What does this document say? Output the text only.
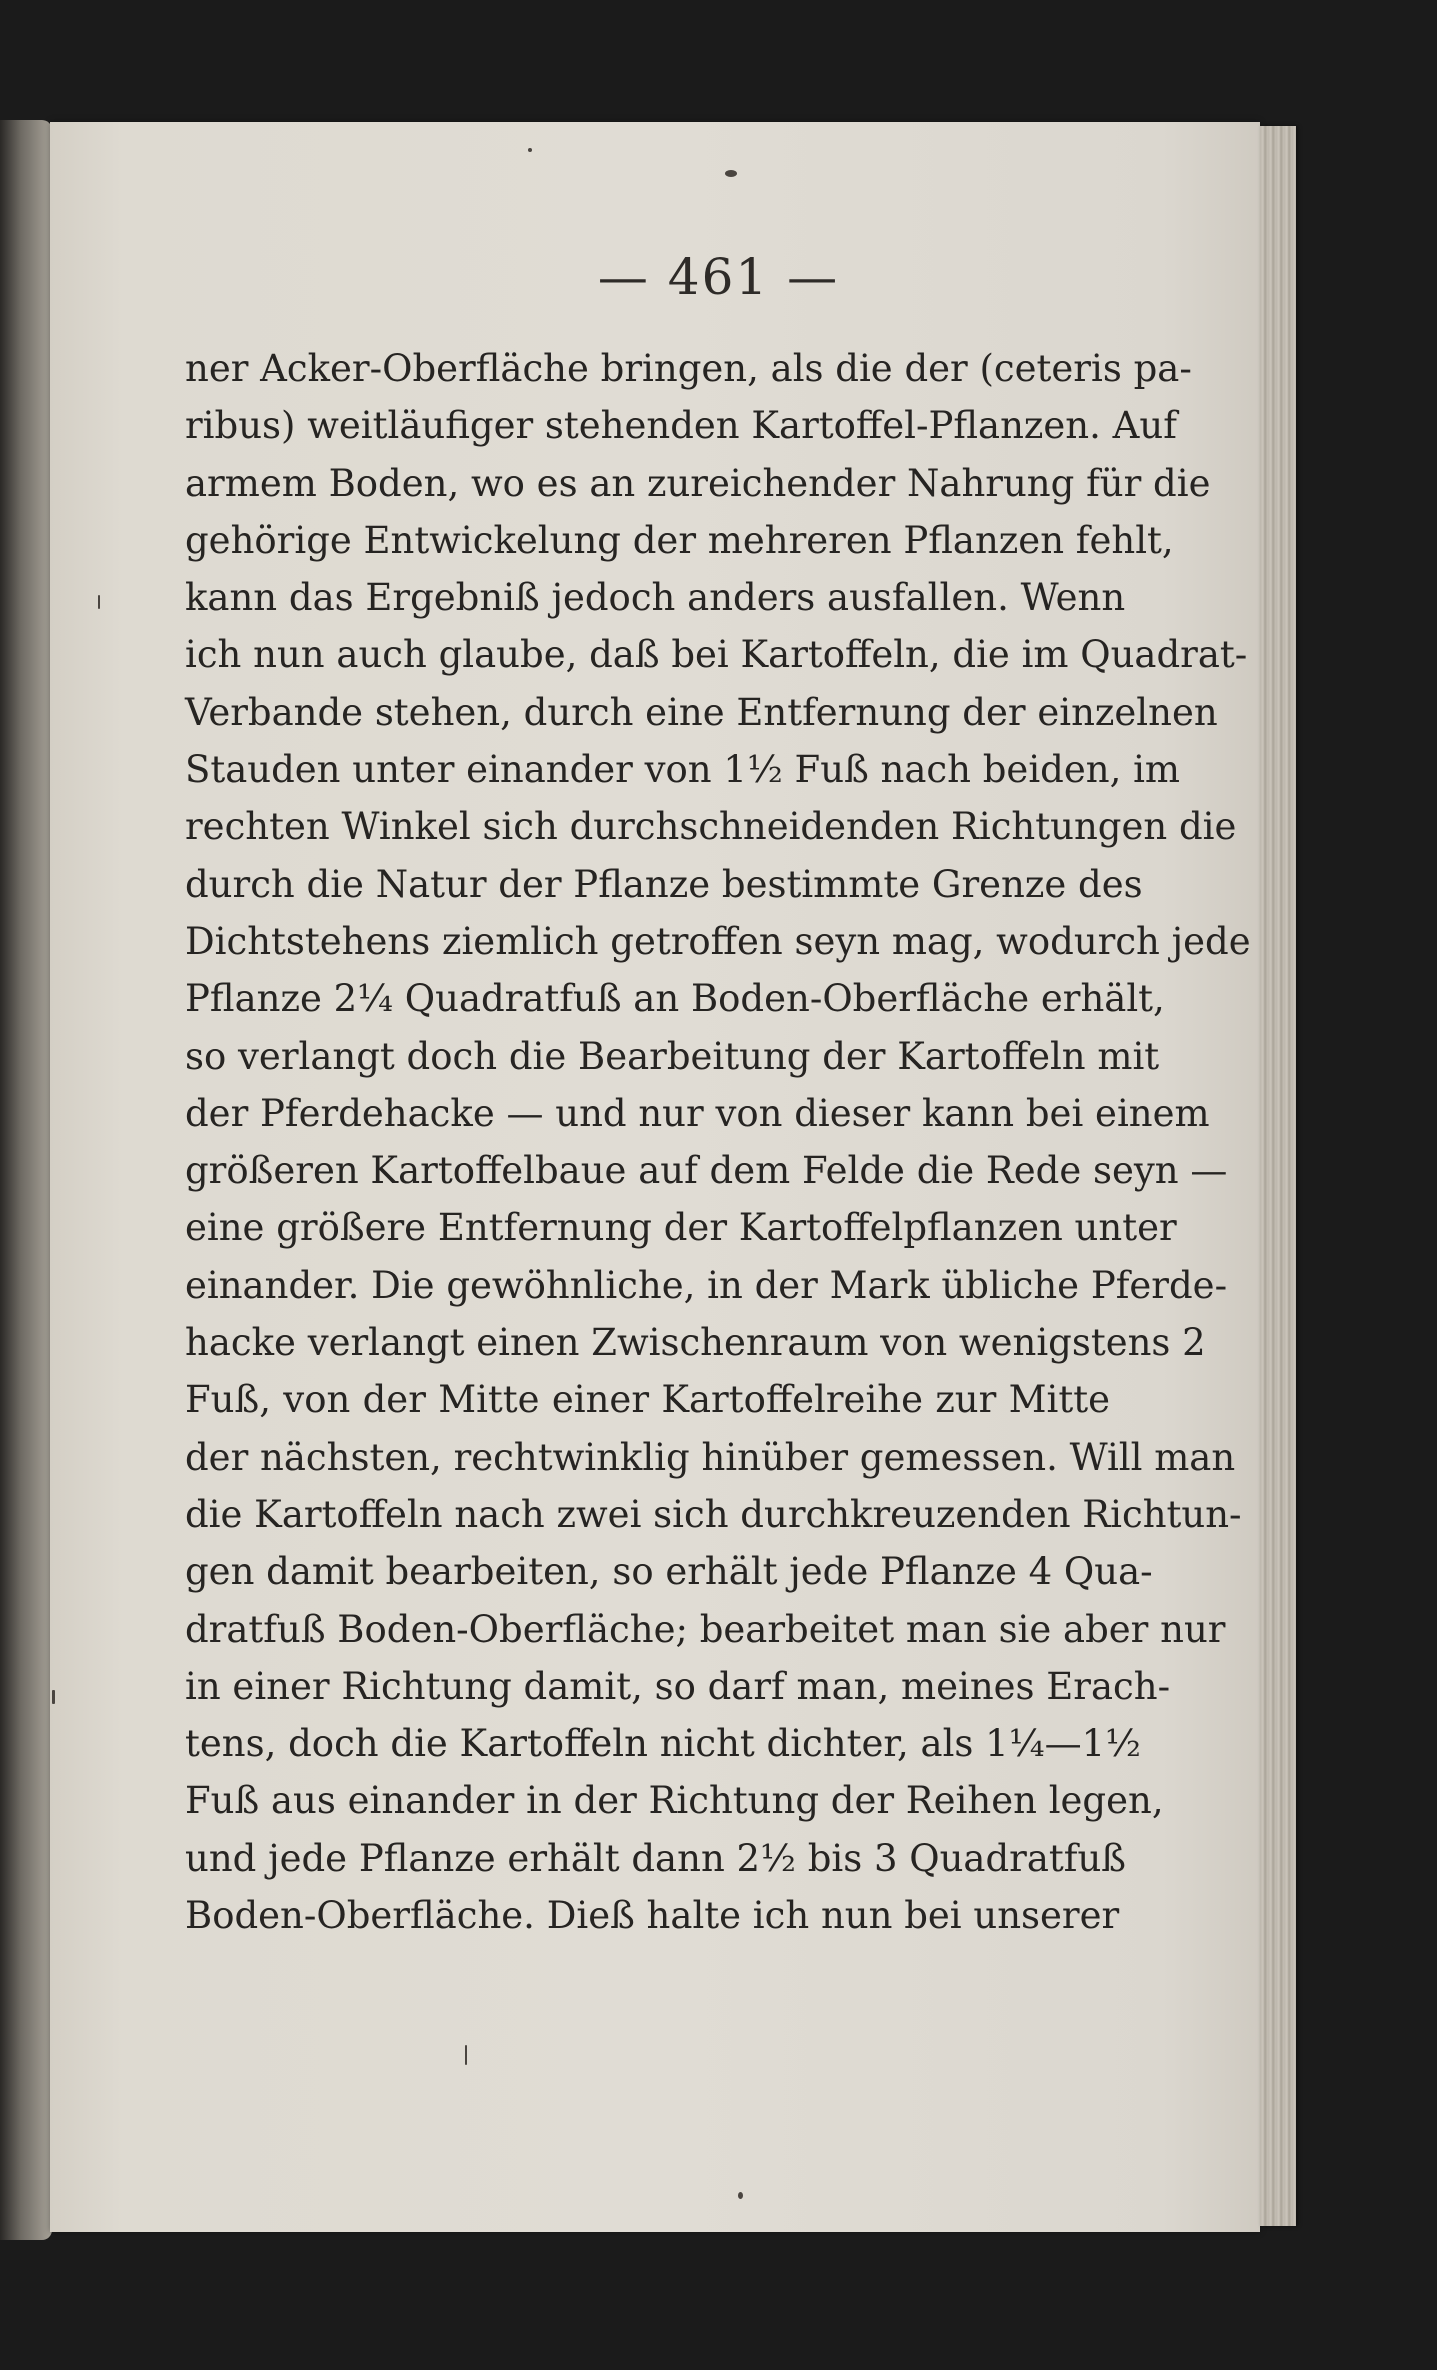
— 461 —
ner Acker-Oberfläche bringen, als die der (ceteris pa-
ribus) weitläufiger stehenden Kartoffel-Pflanzen. Auf
armem Boden, wo es an zureichender Nahrung für die
gehörige Entwickelung der mehreren Pflanzen fehlt,
kann das Ergebniß jedoch anders ausfallen. Wenn
ich nun auch glaube, daß bei Kartoffeln, die im Quadrat-
Verbande stehen, durch eine Entfernung der einzelnen
Stauden unter einander von 1½ Fuß nach beiden, im
rechten Winkel sich durchschneidenden Richtungen die
durch die Natur der Pflanze bestimmte Grenze des
Dichtstehens ziemlich getroffen seyn mag, wodurch jede
Pflanze 2¼ Quadratfuß an Boden-Oberfläche erhält,
so verlangt doch die Bearbeitung der Kartoffeln mit
der Pferdehacke — und nur von dieser kann bei einem
größeren Kartoffelbaue auf dem Felde die Rede seyn —
eine größere Entfernung der Kartoffelpflanzen unter
einander. Die gewöhnliche, in der Mark übliche Pferde-
hacke verlangt einen Zwischenraum von wenigstens 2
Fuß, von der Mitte einer Kartoffelreihe zur Mitte
der nächsten, rechtwinklig hinüber gemessen. Will man
die Kartoffeln nach zwei sich durchkreuzenden Richtun-
gen damit bearbeiten, so erhält jede Pflanze 4 Qua-
dratfuß Boden-Oberfläche; bearbeitet man sie aber nur
in einer Richtung damit, so darf man, meines Erach-
tens, doch die Kartoffeln nicht dichter, als 1¼—1½
Fuß aus einander in der Richtung der Reihen legen,
und jede Pflanze erhält dann 2½ bis 3 Quadratfuß
Boden-Oberfläche. Dieß halte ich nun bei unserer
